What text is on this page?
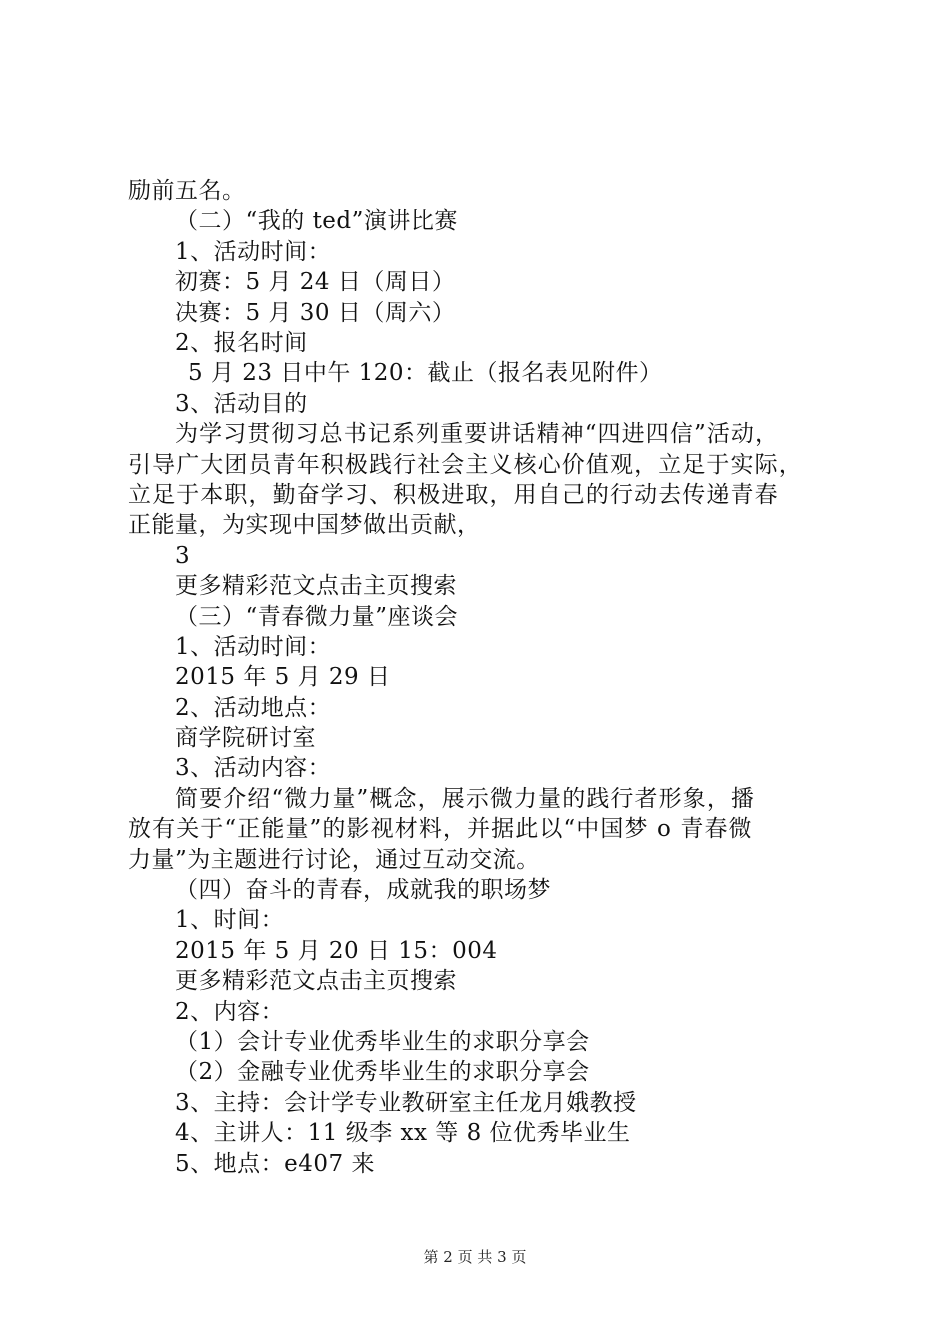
励前五名。
（二）“我的 ted”演讲比赛
1、活动时间：
初赛：5 月 24 日（周日）
决赛：5 月 30 日（周六）
2、报名时间
5 月 23 日中午 120：截止（报名表见附件）
3、活动目的
为学习贯彻习总书记系列重要讲话精神“四进四信”活动，
引导广大团员青年积极践行社会主义核心价值观，立足于实际，
立足于本职，勤奋学习、积极进取，用自己的行动去传递青春
正能量，为实现中国梦做出贡献，
3
更多精彩范文点击主页搜索
（三）“青春微力量”座谈会
1、活动时间：
2015 年 5 月 29 日
2、活动地点：
商学院研讨室
3、活动内容：
简要介绍“微力量”概念，展示微力量的践行者形象，播
放有关于“正能量”的影视材料，并据此以“中国梦 o 青春微
力量”为主题进行讨论，通过互动交流。
（四）奋斗的青春，成就我的职场梦
1、时间：
2015 年 5 月 20 日 15：004
更多精彩范文点击主页搜索
2、内容：
（1）会计专业优秀毕业生的求职分享会
（2）金融专业优秀毕业生的求职分享会
3、主持：会计学专业教研室主任龙月娥教授
4、主讲人：11 级李 xx 等 8 位优秀毕业生
5、地点：e407 来
第 2 页 共 3 页
